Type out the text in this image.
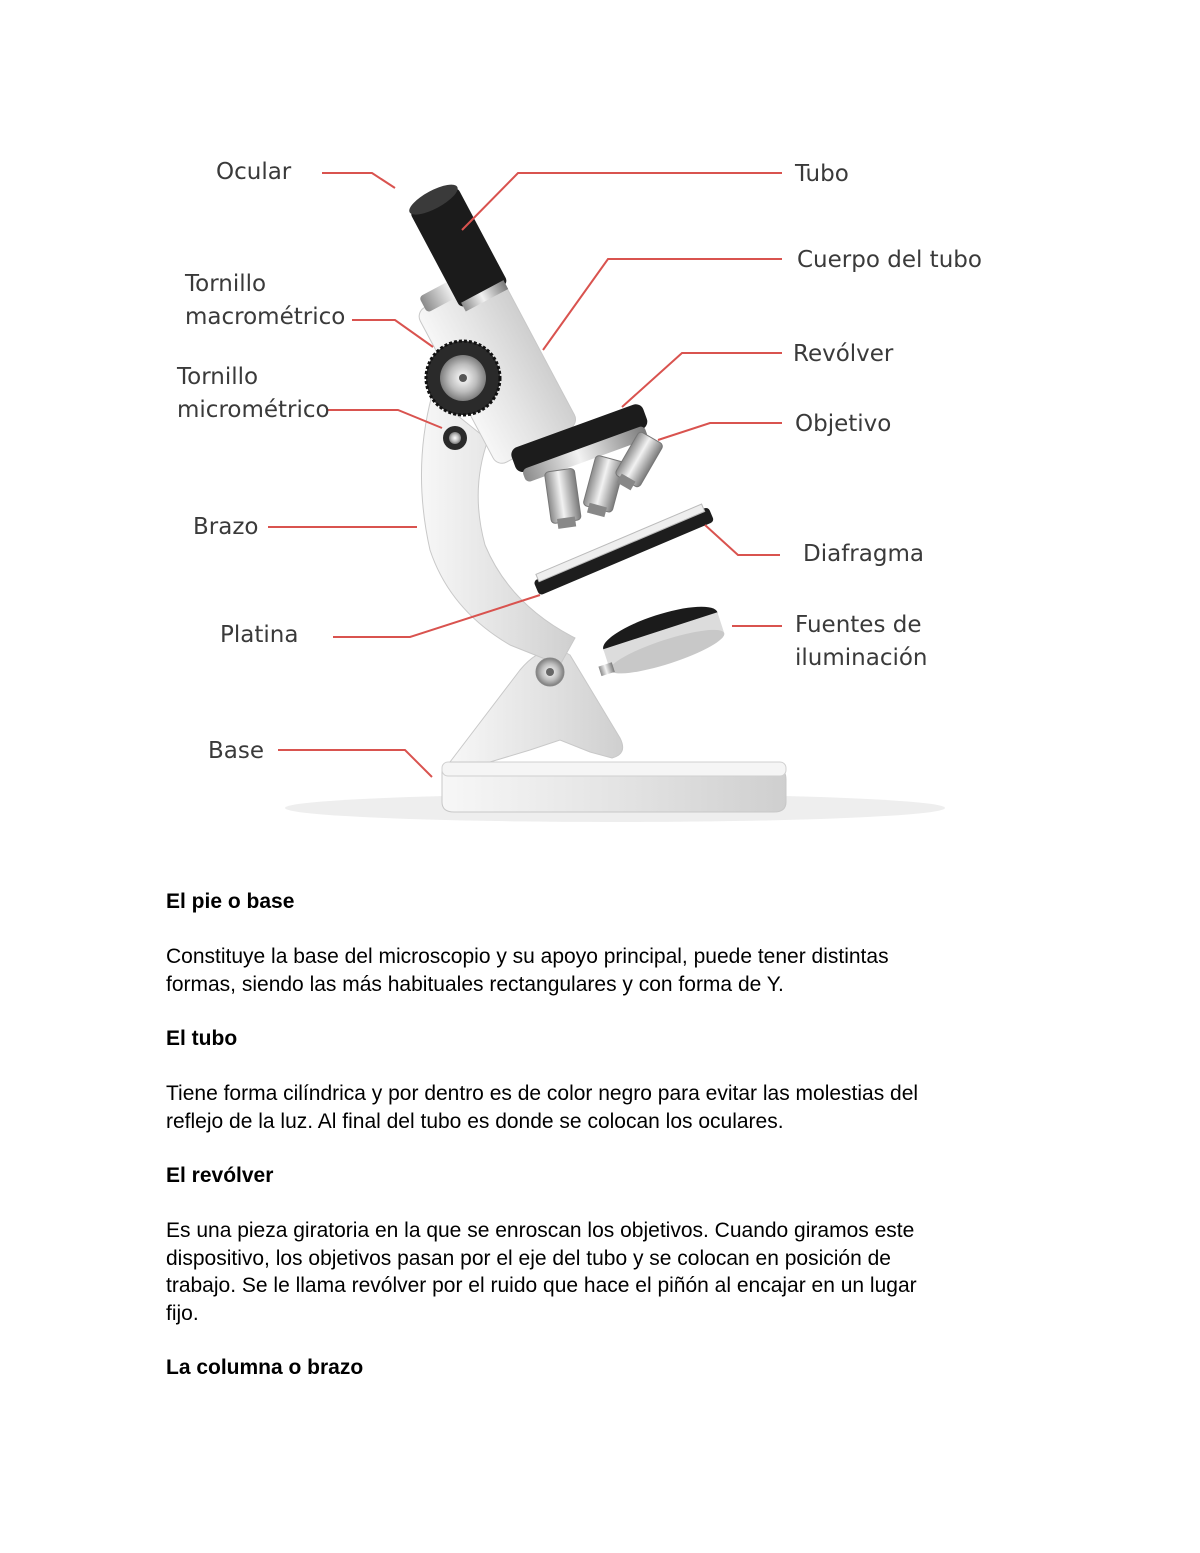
Ocular	Tubo
Tornillo
macrométrico
Cuerpo del tubo
Revólver
Tornillo
micrométrico
Objetivo
Brazo
Diafragma
Platina	Fuentes de
iluminación
Base
El pie o base

Constituye la base del microscopio y su apoyo principal, puede tener distintas
formas, siendo las más habituales rectangulares y con forma de Y.

El tubo

Tiene forma cilíndrica y por dentro es de color negro para evitar las molestias del
reflejo de la luz. Al final del tubo es donde se colocan los oculares.

El revólver

Es una pieza giratoria en la que se enroscan los objetivos. Cuando giramos este
dispositivo, los objetivos pasan por el eje del tubo y se colocan en posición de
trabajo. Se le llama revólver por el ruido que hace el piñón al encajar en un lugar
fijo.

La columna o brazo
